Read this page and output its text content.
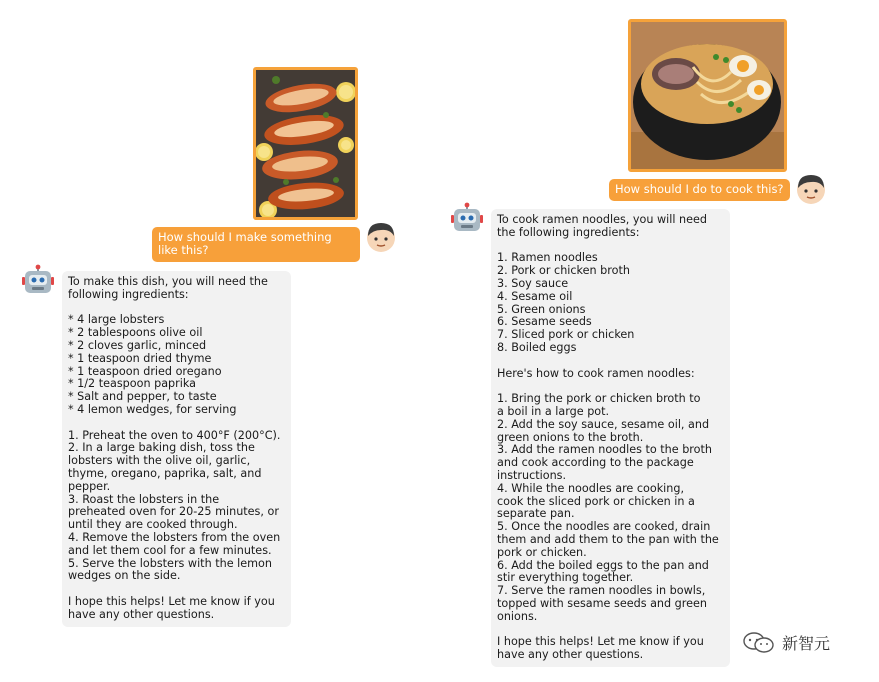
How should I make something like this?
To make this dish, you will need the
following ingredients:
* 4 large lobsters
* 2 tablespoons olive oil
* 2 cloves garlic, minced
* 1 teaspoon dried thyme
* 1 teaspoon dried oregano
* 1/2 teaspoon paprika
* Salt and pepper, to taste
* 4 lemon wedges, for serving
1. Preheat the oven to 400°F (200°C).
2. In a large baking dish, toss the
lobsters with the olive oil, garlic,
thyme, oregano, paprika, salt, and
pepper.
3. Roast the lobsters in the
preheated oven for 20-25 minutes, or
until they are cooked through.
4. Remove the lobsters from the oven
and let them cool for a few minutes.
5. Serve the lobsters with the lemon
wedges on the side.
I hope this helps! Let me know if you
have any other questions.
How should I do to cook this?
To cook ramen noodles, you will need
the following ingredients:
1. Ramen noodles
2. Pork or chicken broth
3. Soy sauce
4. Sesame oil
5. Green onions
6. Sesame seeds
7. Sliced pork or chicken
8. Boiled eggs
Here's how to cook ramen noodles:
1. Bring the pork or chicken broth to
a boil in a large pot.
2. Add the soy sauce, sesame oil, and
green onions to the broth.
3. Add the ramen noodles to the broth
and cook according to the package
instructions.
4. While the noodles are cooking,
cook the sliced pork or chicken in a
separate pan.
5. Once the noodles are cooked, drain
them and add them to the pan with the
pork or chicken.
6. Add the boiled eggs to the pan and
stir everything together.
7. Serve the ramen noodles in bowls,
topped with sesame seeds and green
onions.
I hope this helps! Let me know if you
have any other questions.
新智元
